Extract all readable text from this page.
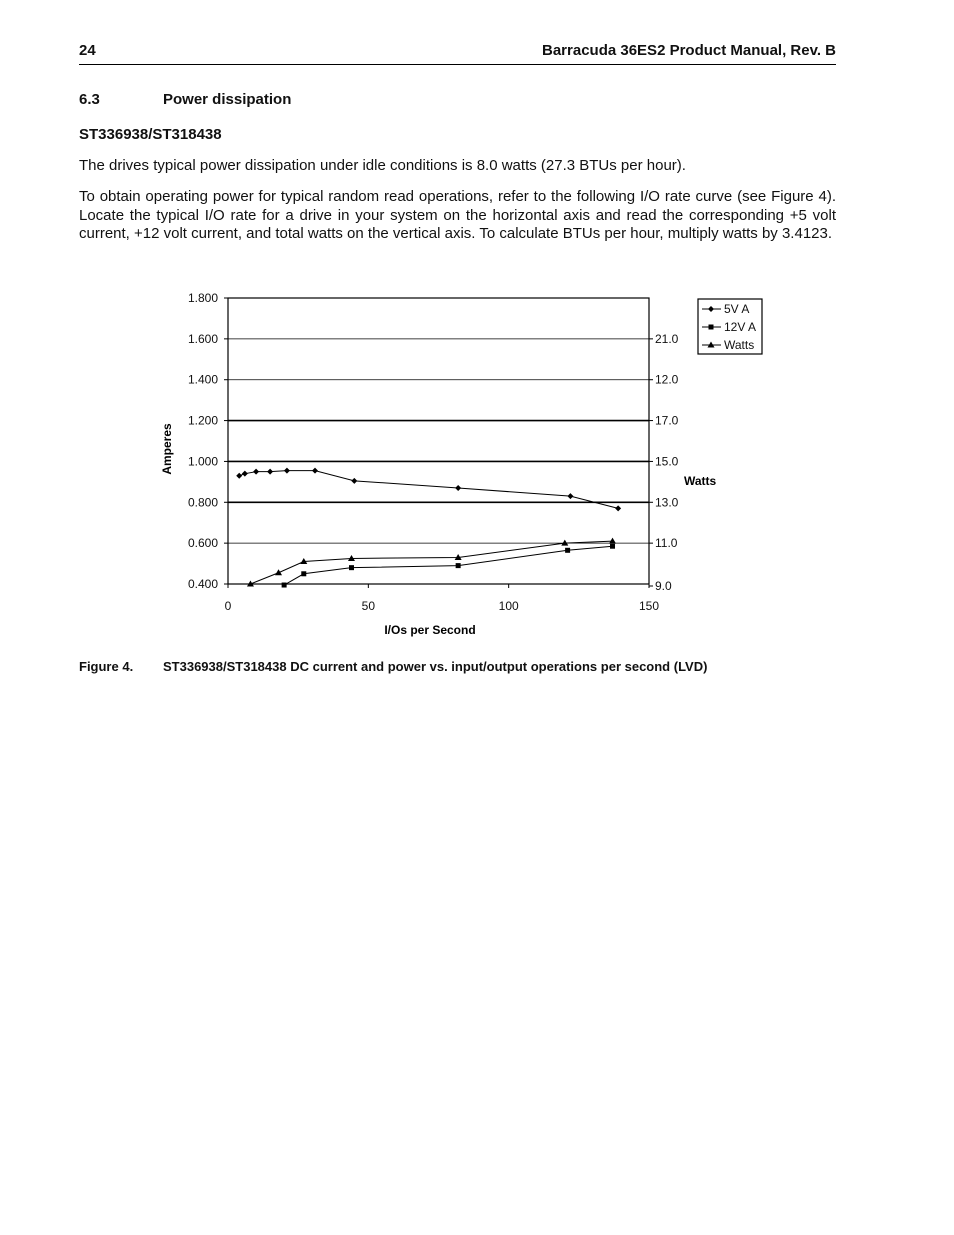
24	Barracuda 36ES2 Product Manual, Rev. B
6.3	Power dissipation
ST336938/ST318438
The drives typical power dissipation under idle conditions is 8.0 watts (27.3 BTUs per hour).
To obtain operating power for typical random read operations, refer to the following I/O rate curve (see Figure 4). Locate the typical I/O rate for a drive in your system on the horizontal axis and read the corresponding +5 volt current, +12 volt current, and total watts on the vertical axis. To calculate BTUs per hour, multiply watts by 3.4123.
0.400
0.600
0.800
1.000
1.200
1.400
1.600
1.800
9.0
11.0
13.0
15.0
17.0
12.0
21.0
0	50	100	150
5V A
12V A
Watts
I/Os per Second
Amperes
Watts
Figure 4. ST336938/ST318438 DC current and power vs. input/output operations per second (LVD)
